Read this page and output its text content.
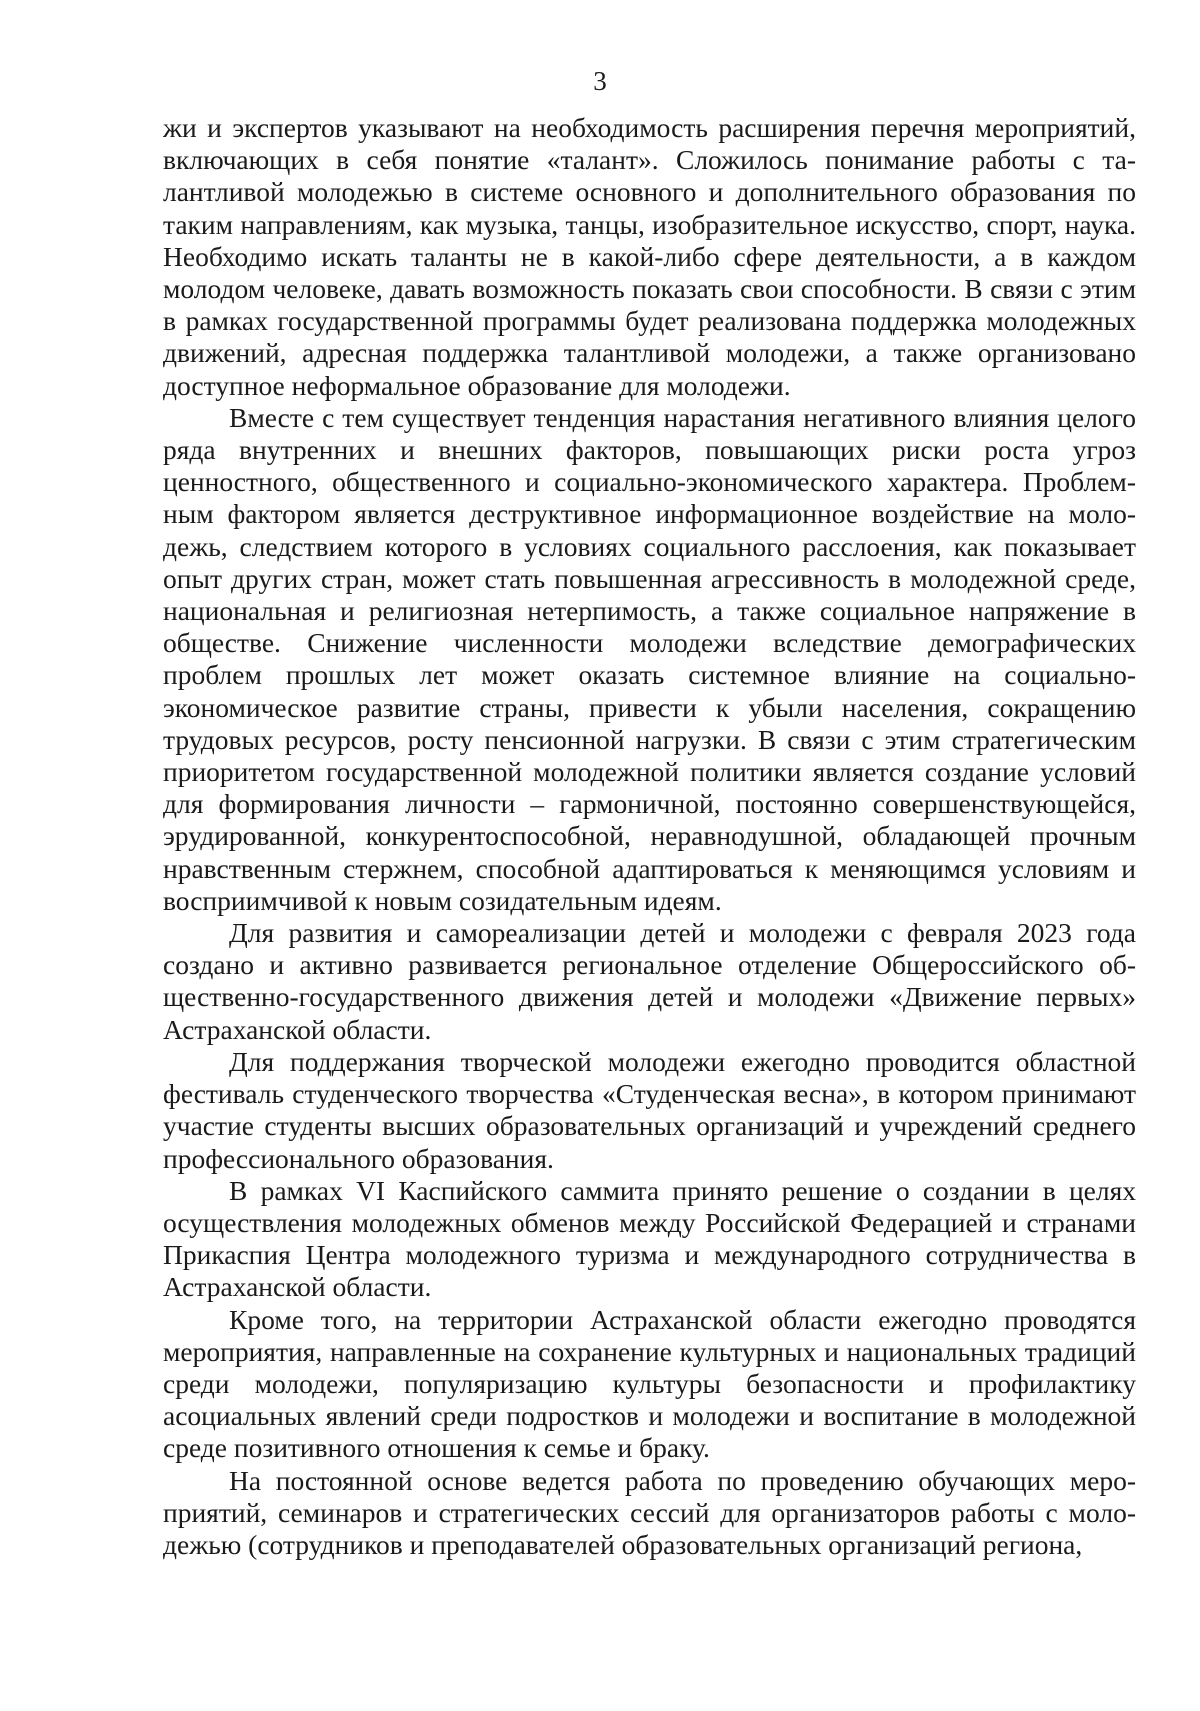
3

жи и экспертов указывают на необходимость расширения перечня мероприятий, включающих в себя понятие «талант». Сложилось понимание работы с талантливой молодежью в системе основного и дополнительного образования по таким направлениям, как музыка, танцы, изобразительное искусство, спорт, наука. Необходимо искать таланты не в какой-либо сфере деятельности, а в каждом молодом человеке, давать возможность показать свои способности. В связи с этим в рамках государственной программы будет реализована поддержка молодежных движений, адресная поддержка талантливой молодежи, а также организовано доступное неформальное образование для молодежи.

Вместе с тем существует тенденция нарастания негативного влияния целого ряда внутренних и внешних факторов, повышающих риски роста угроз ценностного, общественного и социально-экономического характера. Проблемным фактором является деструктивное информационное воздействие на молодежь, следствием которого в условиях социального расслоения, как показывает опыт других стран, может стать повышенная агрессивность в молодежной среде, национальная и религиозная нетерпимость, а также социальное напряжение в обществе. Снижение численности молодежи вследствие демографических проблем прошлых лет может оказать системное влияние на социально-экономическое развитие страны, привести к убыли населения, сокращению трудовых ресурсов, росту пенсионной нагрузки. В связи с этим стратегическим приоритетом государственной молодежной политики является создание условий для формирования личности – гармоничной, постоянно совершенствующейся, эрудированной, конкурентоспособной, неравнодушной, обладающей прочным нравственным стержнем, способной адаптироваться к меняющимся условиям и восприимчивой к новым созидательным идеям.

Для развития и самореализации детей и молодежи с февраля 2023 года создано и активно развивается региональное отделение Общероссийского общественно-государственного движения детей и молодежи «Движение первых» Астраханской области.

Для поддержания творческой молодежи ежегодно проводится областной фестиваль студенческого творчества «Студенческая весна», в котором принимают участие студенты высших образовательных организаций и учреждений среднего профессионального образования.

В рамках VI Каспийского саммита принято решение о создании в целях осуществления молодежных обменов между Российской Федерацией и странами Прикаспия Центра молодежного туризма и международного сотрудничества в Астраханской области.

Кроме того, на территории Астраханской области ежегодно проводятся мероприятия, направленные на сохранение культурных и национальных традиций среди молодежи, популяризацию культуры безопасности и профилактику асоциальных явлений среди подростков и молодежи и воспитание в молодежной среде позитивного отношения к семье и браку.

На постоянной основе ведется работа по проведению обучающих мероприятий, семинаров и стратегических сессий для организаторов работы с молодежью (сотрудников и преподавателей образовательных организаций региона,
